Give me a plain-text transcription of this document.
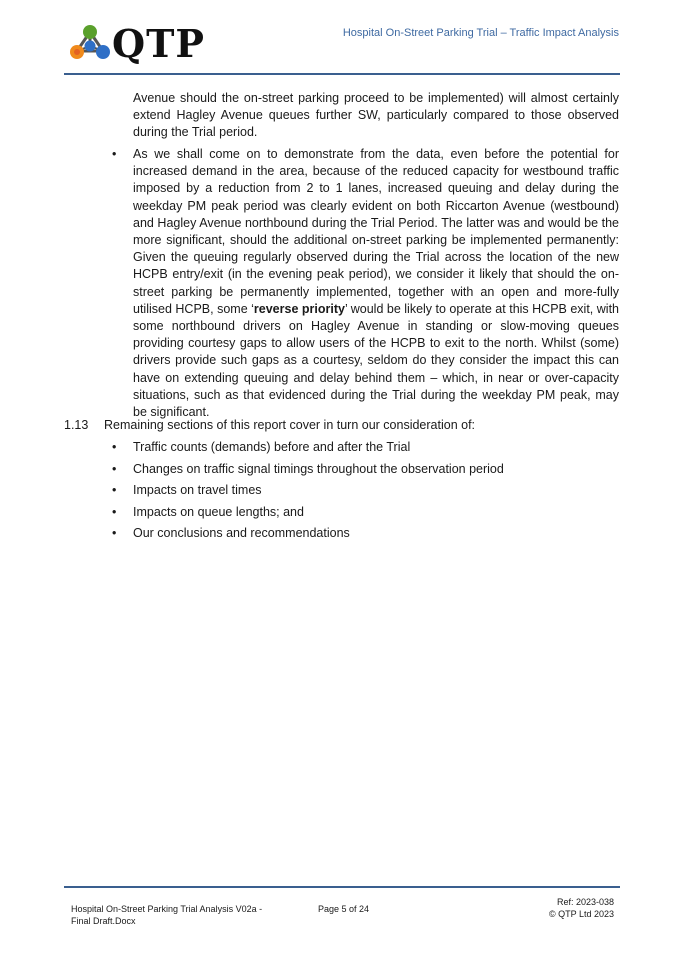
QTP	Hospital On-Street Parking Trial – Traffic Impact Analysis
Avenue should the on-street parking proceed to be implemented) will almost certainly extend Hagley Avenue queues further SW, particularly compared to those observed during the Trial period.
• As we shall come on to demonstrate from the data, even before the potential for increased demand in the area, because of the reduced capacity for westbound traffic imposed by a reduction from 2 to 1 lanes, increased queuing and delay during the weekday PM peak period was clearly evident on both Riccarton Avenue (westbound) and Hagley Avenue northbound during the Trial Period. The latter was and would be the more significant, should the additional on-street parking be implemented permanently: Given the queuing regularly observed during the Trial across the location of the new HCPB entry/exit (in the evening peak period), we consider it likely that should the on-street parking be permanently implemented, together with an open and more-fully utilised HCPB, some ‘reverse priority’ would be likely to operate at this HCPB exit, with some northbound drivers on Hagley Avenue in standing or slow-moving queues providing courtesy gaps to allow users of the HCPB to exit to the north. Whilst (some) drivers provide such gaps as a courtesy, seldom do they consider the impact this can have on extending queuing and delay behind them – which, in near or over-capacity situations, such as that evidenced during the Trial during the weekday PM peak, may be significant.
1.13 Remaining sections of this report cover in turn our consideration of:
• Traffic counts (demands) before and after the Trial
• Changes on traffic signal timings throughout the observation period
• Impacts on travel times
• Impacts on queue lengths; and
• Our conclusions and recommendations
Hospital On-Street Parking Trial Analysis V02a -
Final Draft.Docx
Page 5 of 24
Ref: 2023-038
© QTP Ltd 2023
